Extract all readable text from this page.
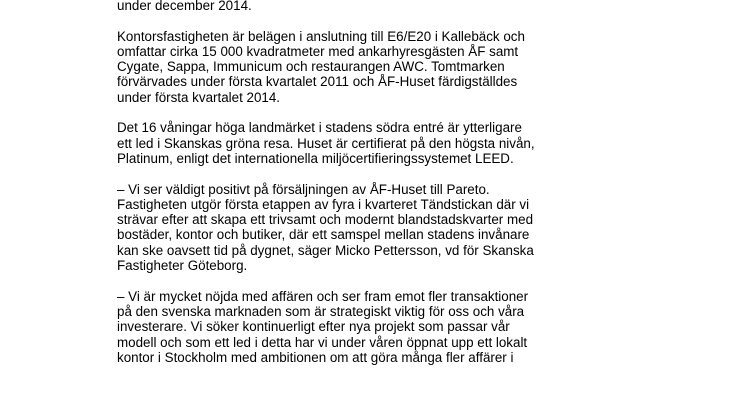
under december 2014.

Kontorsfastigheten är belägen i anslutning till E6/E20 i Kallebäck och
omfattar cirka 15 000 kvadratmeter med ankarhyresgästen ÅF samt
Cygate, Sappa, Immunicum och restaurangen AWC. Tomtmarken
förvärvades under första kvartalet 2011 och ÅF-Huset färdigställdes
under första kvartalet 2014.

Det 16 våningar höga landmärket i stadens södra entré är ytterligare
ett led i Skanskas gröna resa. Huset är certifierat på den högsta nivån,
Platinum, enligt det internationella miljöcertifieringssystemet LEED.

– Vi ser väldigt positivt på försäljningen av ÅF-Huset till Pareto.
Fastigheten utgör första etappen av fyra i kvarteret Tändstickan där vi
strävar efter att skapa ett trivsamt och modernt blandstadskvarter med
bostäder, kontor och butiker, där ett samspel mellan stadens invånare
kan ske oavsett tid på dygnet, säger Micko Pettersson, vd för Skanska
Fastigheter Göteborg.

– Vi är mycket nöjda med affären och ser fram emot fler transaktioner
på den svenska marknaden som är strategiskt viktig för oss och våra
investerare. Vi söker kontinuerligt efter nya projekt som passar vår
modell och som ett led i detta har vi under våren öppnat upp ett lokalt
kontor i Stockholm med ambitionen om att göra många fler affärer i
